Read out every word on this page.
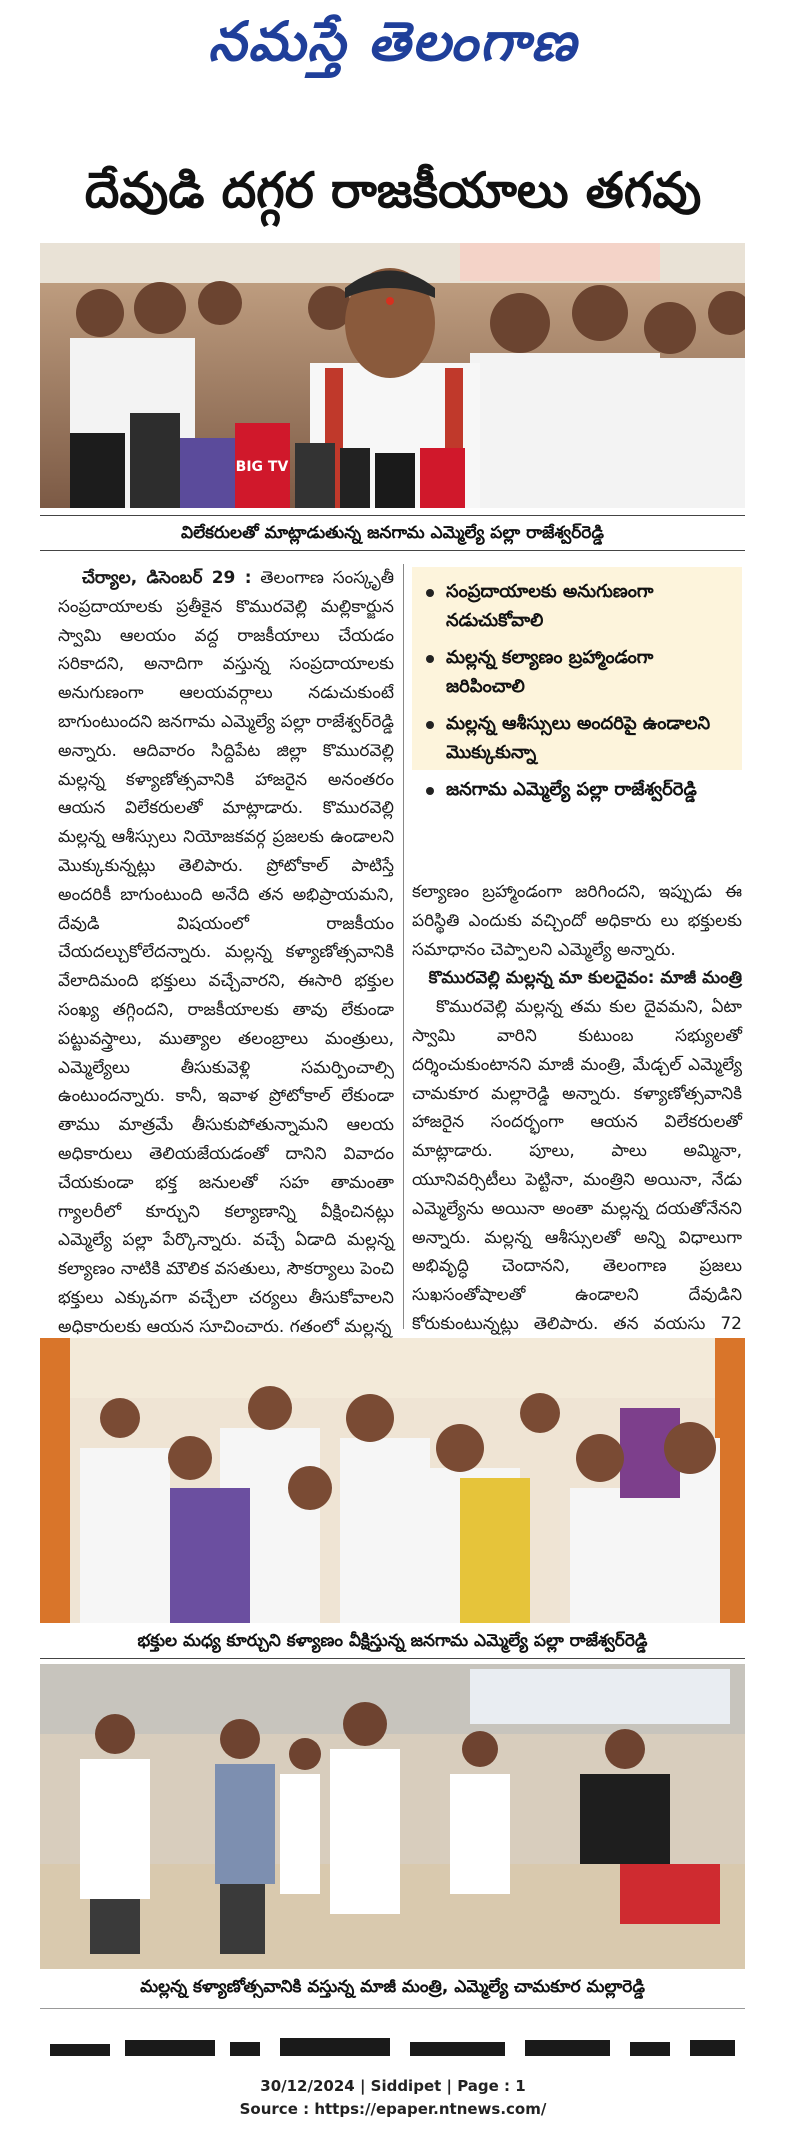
నమస్తే తెలంగాణ
దేవుడి దగ్గర రాజకీయాలు తగవు
BIG TV
విలేకరులతో మాట్లాడుతున్న జనగామ ఎమ్మెల్యే పల్లా రాజేశ్వర్‌రెడ్డి

చేర్యాల, డిసెంబర్ 29 : తెలంగాణ సంస్కృతీ సంప్రదాయాలకు ప్రతీకైన కొమురవెల్లి మల్లికార్జున స్వామి ఆలయం వద్ద రాజకీయాలు చేయడం సరికాదని, అనాదిగా వస్తున్న సంప్రదాయాలకు అనుగుణంగా ఆలయవర్గాలు నడుచుకుంటే బాగుంటుందని జనగామ ఎమ్మెల్యే పల్లా రాజేశ్వర్‌రెడ్డి అన్నారు. ఆదివారం సిద్దిపేట జిల్లా కొమురవెల్లి మల్లన్న కళ్యాణోత్సవానికి హాజరైన అనంతరం ఆయన విలేకరులతో మాట్లాడారు. కొమురవెల్లి మల్లన్న ఆశీస్సులు నియోజకవర్గ ప్రజలకు ఉండాలని మొక్కుకున్నట్లు తెలిపారు. ప్రోటోకాల్ పాటిస్తే అందరికీ బాగుంటుంది అనేది తన అభిప్రాయమని, దేవుడి విషయంలో రాజకీయం చేయదల్చుకోలేదన్నారు. మల్లన్న కళ్యాణోత్సవానికి వేలాదిమంది భక్తులు వచ్చేవారని, ఈసారి భక్తుల సంఖ్య తగ్గిందని, రాజకీయాలకు తావు లేకుండా పట్టువస్త్రాలు, ముత్యాల తలంబ్రాలు మంత్రులు, ఎమ్మెల్యేలు తీసుకువెళ్లి సమర్పించాల్సి ఉంటుందన్నారు. కానీ, ఇవాళ ప్రోటోకాల్ లేకుండా తాము మాత్రమే తీసుకుపోతున్నామని ఆలయ అధికారులు తెలియజేయడంతో దానిని వివాదం చేయకుండా భక్త జనులతో సహ తామంతా గ్యాలరీలో కూర్చుని కల్యాణాన్ని వీక్షించినట్లు ఎమ్మెల్యే పల్లా పేర్కొన్నారు. వచ్చే ఏడాది మల్లన్న కల్యాణం నాటికి మౌలిక వసతులు, సౌకర్యాలు పెంచి భక్తులు ఎక్కువగా వచ్చేలా చర్యలు తీసుకోవాలని అధికారులకు ఆయన సూచించారు. గతంలో మల్లన్న

సంప్రదాయాలకు అనుగుణంగా నడుచుకోవాలి
మల్లన్న కల్యాణం బ్రహ్మాండంగా జరిపించాలి
మల్లన్న ఆశీస్సులు అందరిపై ఉండాలని మొక్కుకున్నా
జనగామ ఎమ్మెల్యే పల్లా రాజేశ్వర్‌రెడ్డి

కల్యాణం బ్రహ్మాండంగా జరిగిందని, ఇప్పుడు ఈ పరిస్థితి ఎందుకు వచ్చిందో అధికారు లు భక్తులకు సమాధానం చెప్పాలని ఎమ్మెల్యే అన్నారు.

కొమురవెల్లి మల్లన్న మా కులదైవం: మాజీ మంత్రి

కొమురవెల్లి మల్లన్న తమ కుల దైవమని, ఏటా స్వామి వారిని కుటుంబ సభ్యులతో దర్శించుకుంటానని మాజీ మంత్రి, మేడ్చల్ ఎమ్మెల్యే చామకూర మల్లారెడ్డి అన్నారు. కళ్యాణోత్సవానికి హాజరైన సందర్భంగా ఆయన విలేకరులతో మాట్లాడారు. పూలు, పాలు అమ్మినా, యూనివర్సిటీలు పెట్టినా, మంత్రిని అయినా, నేడు ఎమ్మెల్యేను అయినా అంతా మల్లన్న దయతోనేనని అన్నారు. మల్లన్న ఆశీస్సులతో అన్ని విధాలుగా అభివృద్ధి చెందానని, తెలంగాణ ప్రజలు సుఖసంతోషాలతో ఉండాలని దేవుడిని కోరుకుంటున్నట్లు తెలిపారు. తన వయసు 72

భక్తుల మధ్య కూర్చుని కళ్యాణం వీక్షిస్తున్న జనగామ ఎమ్మెల్యే పల్లా రాజేశ్వర్‌రెడ్డి
మల్లన్న కళ్యాణోత్సవానికి వస్తున్న మాజీ మంత్రి, ఎమ్మెల్యే చామకూర మల్లారెడ్డి
30/12/2024 | Siddipet | Page : 1
Source : https://epaper.ntnews.com/
